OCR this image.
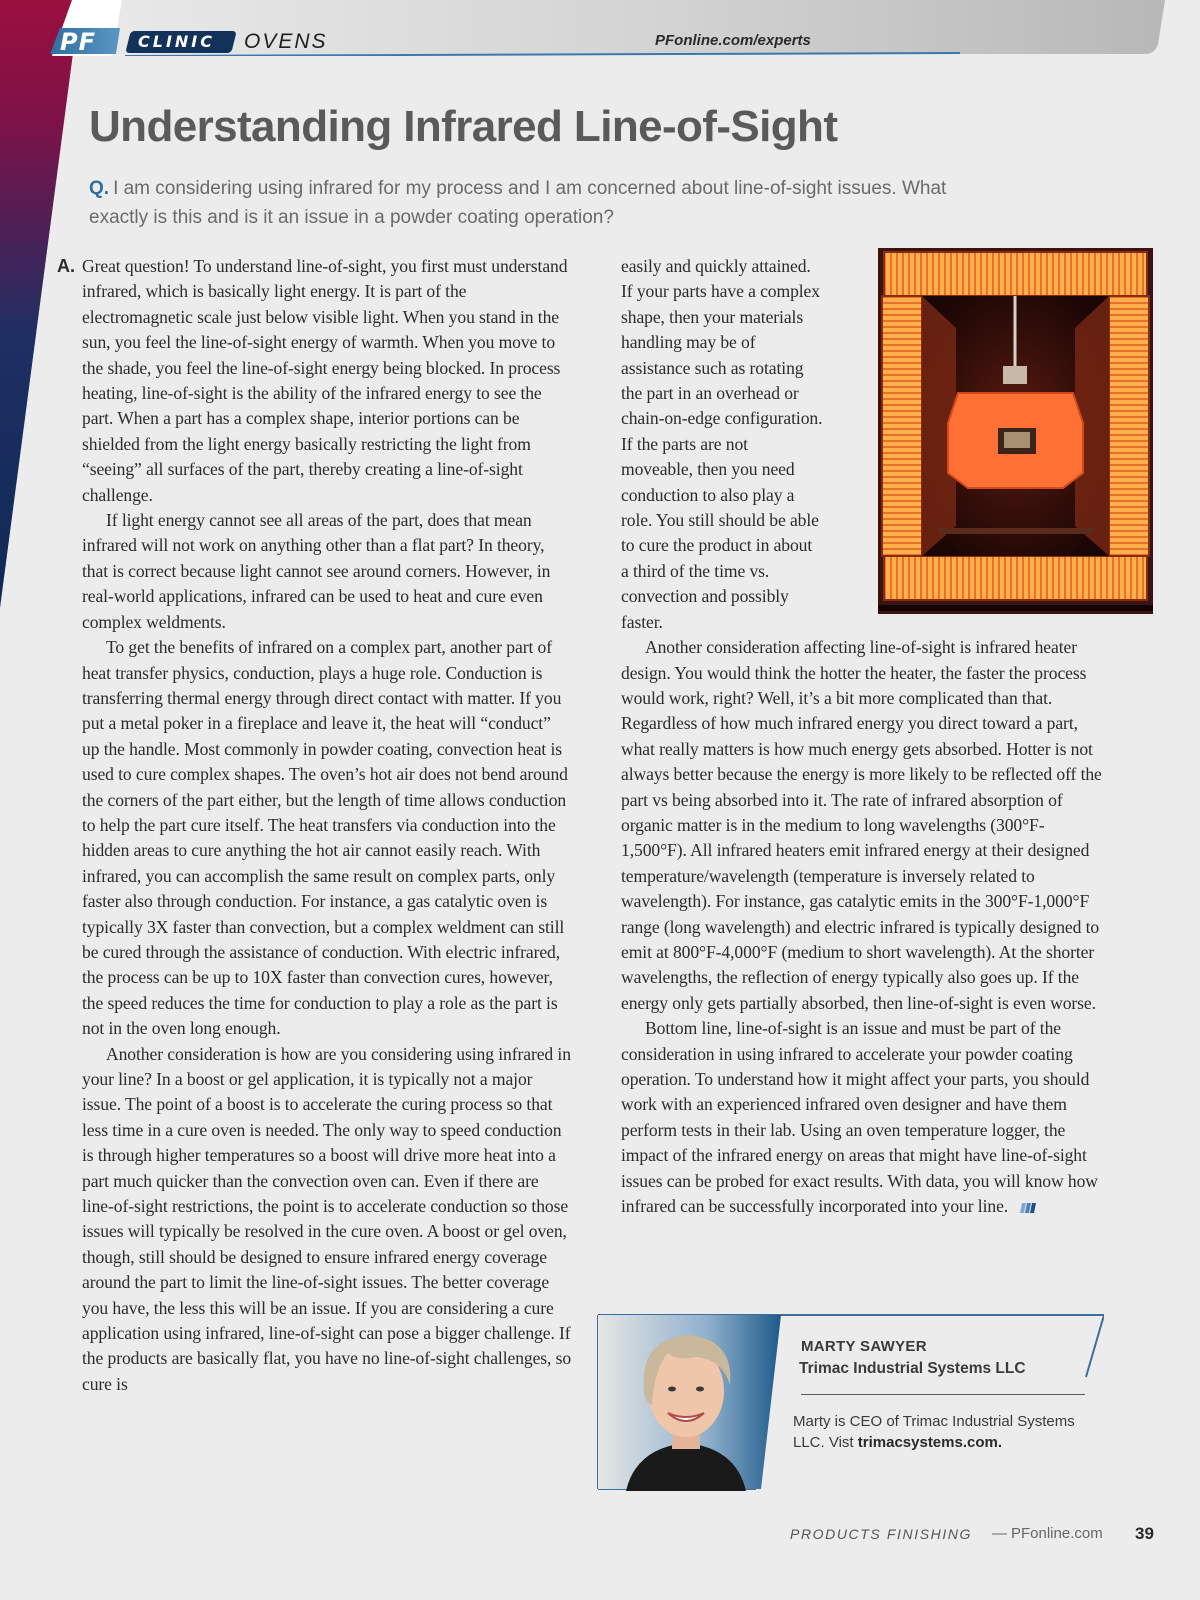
PF	CLINIC OVENS	PFonline.com/experts
Understanding Infrared Line-of-Sight
Q. I am considering using infrared for my process and I am concerned about line-of-sight issues. What exactly is this and is it an issue in a powder coating operation?
A. Great question! To understand line-of-sight, you first must understand infrared, which is basically light energy. It is part of the electromagnetic scale just below visible light. When you stand in the sun, you feel the line-of-sight energy of warmth. When you move to the shade, you feel the line-of-sight energy being blocked. In process heating, line-of-sight is the ability of the infrared energy to see the part. When a part has a complex shape, interior portions can be shielded from the light energy basically restricting the light from “seeing” all surfaces of the part, thereby creating a line-of-sight challenge.

If light energy cannot see all areas of the part, does that mean infrared will not work on anything other than a flat part? In theory, that is correct because light cannot see around corners. However, in real-world applications, infrared can be used to heat and cure even complex weldments.

To get the benefits of infrared on a complex part, another part of heat transfer physics, conduction, plays a huge role. Conduction is transferring thermal energy through direct contact with matter. If you put a metal poker in a fireplace and leave it, the heat will “conduct” up the handle. Most commonly in powder coating, convection heat is used to cure complex shapes. The oven’s hot air does not bend around the corners of the part either, but the length of time allows conduction to help the part cure itself. The heat transfers via conduction into the hidden areas to cure anything the hot air cannot easily reach. With infrared, you can accomplish the same result on complex parts, only faster also through conduction. For instance, a gas catalytic oven is typically 3X faster than convection, but a complex weldment can still be cured through the assistance of conduction. With electric infrared, the process can be up to 10X faster than convection cures, however, the speed reduces the time for conduction to play a role as the part is not in the oven long enough.

Another consideration is how are you considering using infrared in your line? In a boost or gel application, it is typically not a major issue. The point of a boost is to accelerate the curing process so that less time in a cure oven is needed. The only way to speed conduction is through higher temperatures so a boost will drive more heat into a part much quicker than the convection oven can. Even if there are line-of-sight restrictions, the point is to accelerate conduction so those issues will typically be resolved in the cure oven. A boost or gel oven, though, still should be designed to ensure infrared energy coverage around the part to limit the line-of-sight issues. The better coverage you have, the less this will be an issue. If you are considering a cure application using infrared, line-of-sight can pose a bigger challenge. If the products are basically flat, you have no line-of-sight challenges, so cure is

easily and quickly attained. If your parts have a complex shape, then your materials handling may be of assistance such as rotating the part in an overhead or chain-on-edge configuration. If the parts are not moveable, then you need conduction to also play a role. You still should be able to cure the product in about a third of the time vs. convection and possibly faster.

Another consideration affecting line-of-sight is infrared heater design. You would think the hotter the heater, the faster the process would work, right? Well, it’s a bit more complicated than that. Regardless of how much infrared energy you direct toward a part, what really matters is how much energy gets absorbed. Hotter is not always better because the energy is more likely to be reflected off the part vs being absorbed into it. The rate of infrared absorption of organic matter is in the medium to long wavelengths (300°F-1,500°F). All infrared heaters emit infrared energy at their designed temperature/wavelength (temperature is inversely related to wavelength). For instance, gas catalytic emits in the 300°F-1,000°F range (long wavelength) and electric infrared is typically designed to emit at 800°F-4,000°F (medium to short wavelength). At the shorter wavelengths, the reflection of energy typically also goes up. If the energy only gets partially absorbed, then line-of-sight is even worse.

Bottom line, line-of-sight is an issue and must be part of the consideration in using infrared to accelerate your powder coating operation. To understand how it might affect your parts, you should work with an experienced infrared oven designer and have them perform tests in their lab. Using an oven temperature logger, the impact of the infrared energy on areas that might have line-of-sight issues can be probed for exact results. With data, you will know how infrared can be successfully incorporated into your line.

MARTY SAWYER
Trimac Industrial Systems LLC
Marty is CEO of Trimac Industrial Systems LLC. Vist trimacsystems.com.
PRODUCTS FINISHING — PFonline.com 39
